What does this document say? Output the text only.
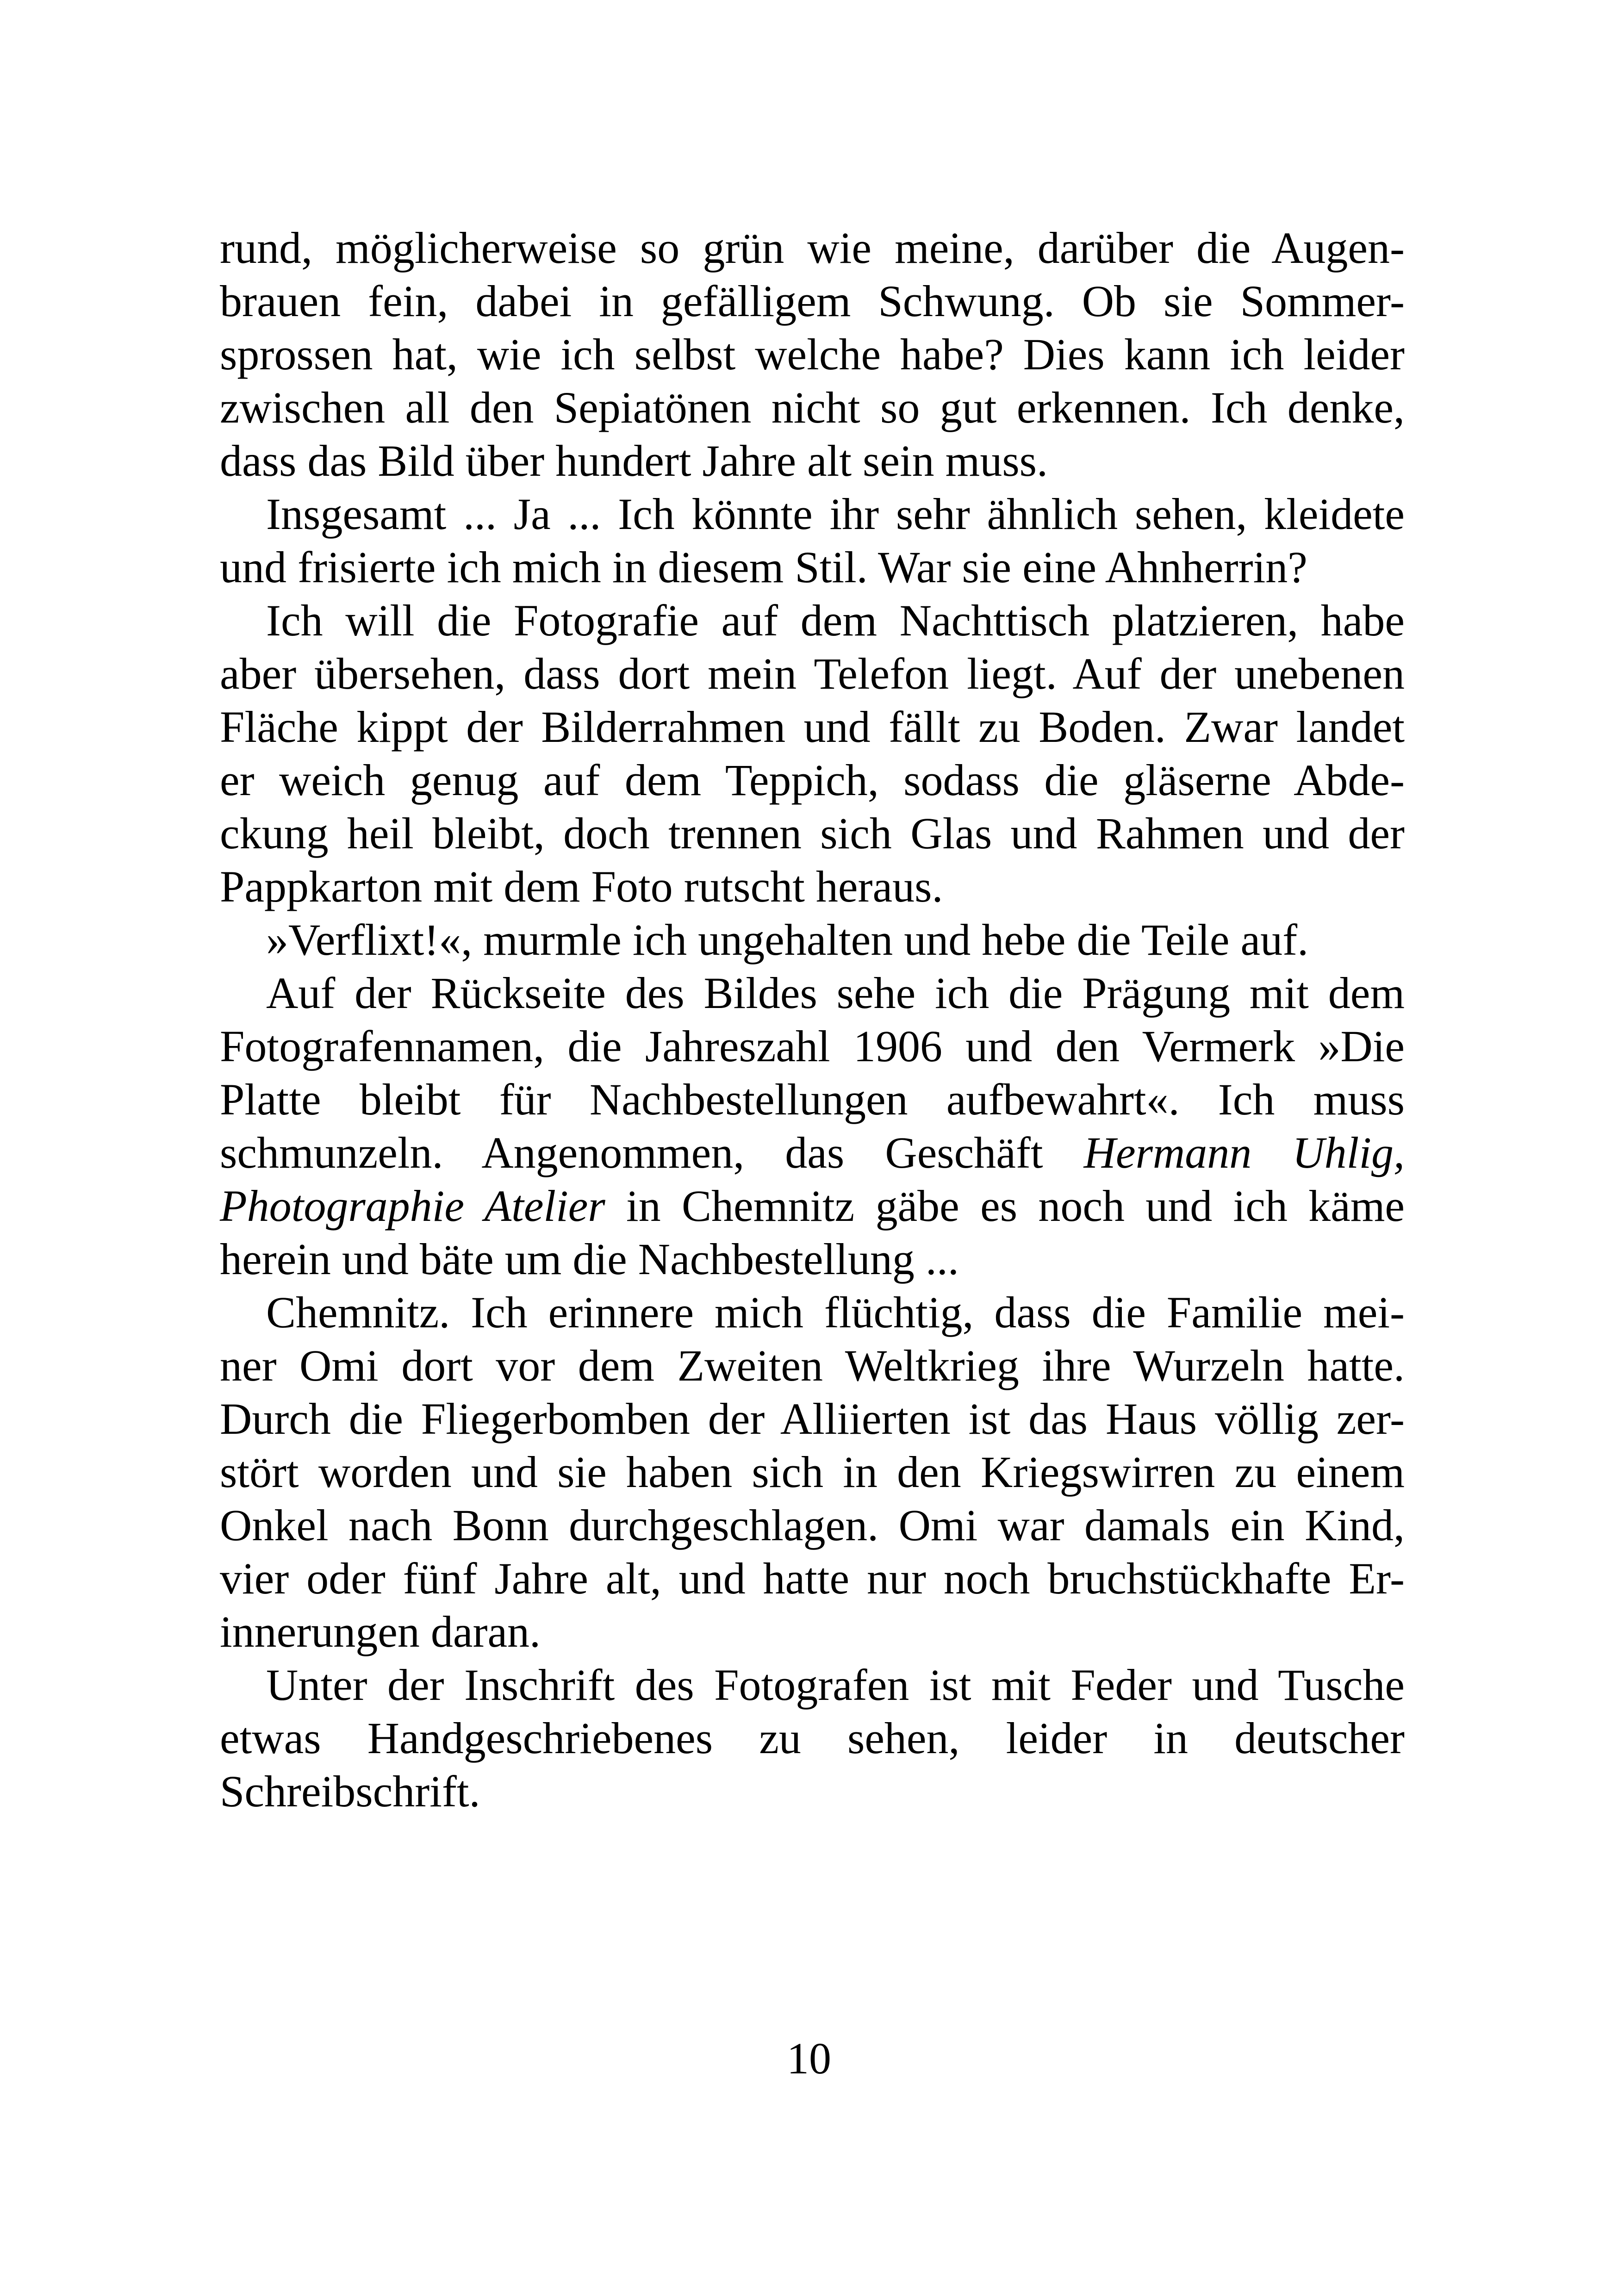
rund, möglicherweise so grün wie meine, darüber die Augen-
brauen fein, dabei in gefälligem Schwung. Ob sie Sommer-
sprossen hat, wie ich selbst welche habe? Dies kann ich leider
zwischen all den Sepiatönen nicht so gut erkennen. Ich denke,
dass das Bild über hundert Jahre alt sein muss.
Insgesamt ... Ja ... Ich könnte ihr sehr ähnlich sehen, kleidete
und frisierte ich mich in diesem Stil. War sie eine Ahnherrin?
Ich will die Fotografie auf dem Nachttisch platzieren, habe
aber übersehen, dass dort mein Telefon liegt. Auf der unebenen
Fläche kippt der Bilderrahmen und fällt zu Boden. Zwar landet
er weich genug auf dem Teppich, sodass die gläserne Abde-
ckung heil bleibt, doch trennen sich Glas und Rahmen und der
Pappkarton mit dem Foto rutscht heraus.
»Verflixt!«, murmle ich ungehalten und hebe die Teile auf.
Auf der Rückseite des Bildes sehe ich die Prägung mit dem
Fotografennamen, die Jahreszahl 1906 und den Vermerk »Die
Platte bleibt für Nachbestellungen aufbewahrt«. Ich muss
schmunzeln. Angenommen, das Geschäft Hermann Uhlig,
Photographie Atelier in Chemnitz gäbe es noch und ich käme
herein und bäte um die Nachbestellung ...
Chemnitz. Ich erinnere mich flüchtig, dass die Familie mei-
ner Omi dort vor dem Zweiten Weltkrieg ihre Wurzeln hatte.
Durch die Fliegerbomben der Alliierten ist das Haus völlig zer-
stört worden und sie haben sich in den Kriegswirren zu einem
Onkel nach Bonn durchgeschlagen. Omi war damals ein Kind,
vier oder fünf Jahre alt, und hatte nur noch bruchstückhafte Er-
innerungen daran.
Unter der Inschrift des Fotografen ist mit Feder und Tusche
etwas Handgeschriebenes zu sehen, leider in deutscher
Schreibschrift.
10
